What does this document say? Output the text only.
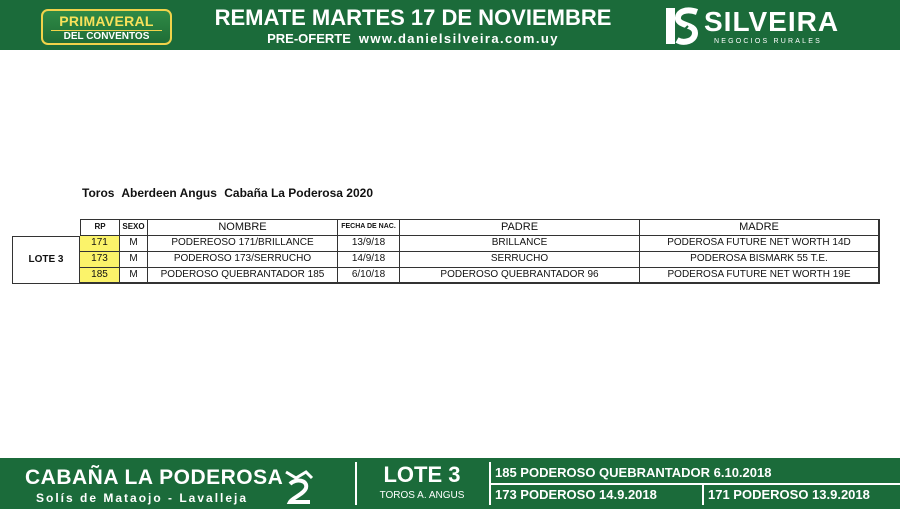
PRIMAVERAL
DEL CONVENTOS
REMATE MARTES 17 DE NOVIEMBRE
PRE-OFERTE www.danielsilveira.com.uy
SILVEIRA
NEGOCIOS RURALES
Toros Aberdeen Angus Cabaña La Poderosa 2020
RP	SEXO	NOMBRE	FECHA DE NAC.	PADRE	MADRE
LOTE 3
171	M	PODEREOSO 171/BRILLANCE	13/9/18	BRILLANCE	PODEROSA FUTURE NET WORTH 14D
173	M	PODEROSO 173/SERRUCHO	14/9/18	SERRUCHO	PODEROSA BISMARK 55 T.E.
185	M	PODEROSO QUEBRANTADOR 185	6/10/18	PODEROSO QUEBRANTADOR 96	PODEROSA FUTURE NET WORTH 19E
CABAÑA LA PODEROSA
Solís de Mataojo - Lavalleja
LOTE 3
TOROS A. ANGUS
185 PODEROSO QUEBRANTADOR 6.10.2018
173 PODEROSO 14.9.2018	171 PODEROSO 13.9.2018
